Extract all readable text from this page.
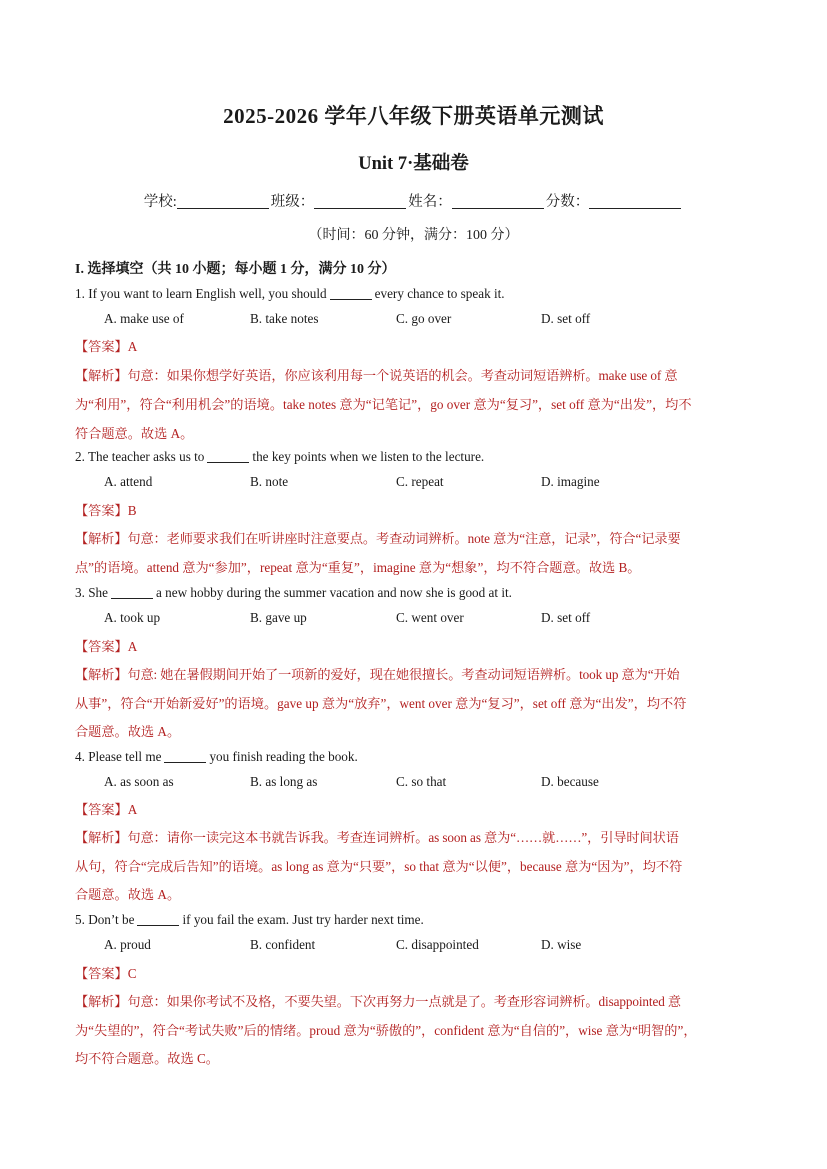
2025-2026 学年八年级下册英语单元测试
Unit 7·基础卷
学校:	班级：	姓名：	分数：
（时间：60 分钟，满分：100 分）
I. 选择填空（共 10 小题；每小题 1 分，满分 10 分）
1. If you want to learn English well, you should	every chance to speak it.
A. make use of	B. take notes	C. go over	D. set off
【答案】A
【解析】句意：如果你想学好英语，你应该利用每一个说英语的机会。考查动词短语辨析。make use of 意
为“利用”，符合“利用机会”的语境。take notes 意为“记笔记”，go over 意为“复习”，set off 意为“出发”，均不
符合题意。故选 A。
2. The teacher asks us to	the key points when we listen to the lecture.
A. attend	B. note	C. repeat	D. imagine
【答案】B
【解析】句意：老师要求我们在听讲座时注意要点。考查动词辨析。note 意为“注意，记录”，符合“记录要
点”的语境。attend 意为“参加”，repeat 意为“重复”，imagine 意为“想象”，均不符合题意。故选 B。
3. She	a new hobby during the summer vacation and now she is good at it.
A. took up	B. gave up	C. went over	D. set off
【答案】A
【解析】句意: 她在暑假期间开始了一项新的爱好，现在她很擅长。考查动词短语辨析。took up 意为“开始
从事”，符合“开始新爱好”的语境。gave up 意为“放弃”，went over 意为“复习”，set off 意为“出发”，均不符
合题意。故选 A。
4. Please tell me	you finish reading the book.
A. as soon as	B. as long as	C. so that	D. because
【答案】A
【解析】句意：请你一读完这本书就告诉我。考查连词辨析。as soon as 意为“……就……”，引导时间状语
从句，符合“完成后告知”的语境。as long as 意为“只要”，so that 意为“以便”，because 意为“因为”，均不符
合题意。故选 A。
5. Don’t be	if you fail the exam. Just try harder next time.
A. proud	B. confident	C. disappointed	D. wise
【答案】C
【解析】句意：如果你考试不及格，不要失望。下次再努力一点就是了。考查形容词辨析。disappointed 意
为“失望的”，符合“考试失败”后的情绪。proud 意为“骄傲的”，confident 意为“自信的”，wise 意为“明智的”，
均不符合题意。故选 C。
